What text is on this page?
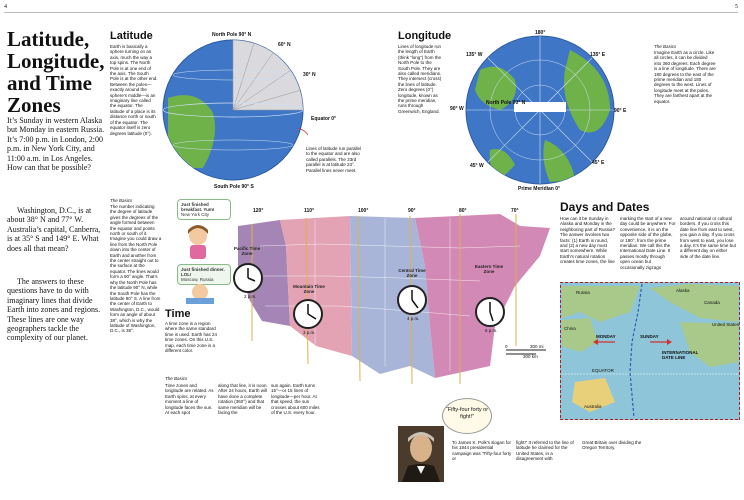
4	5
Latitude, Longitude, and Time Zones

It’s Sunday in western Alaska but Monday in eastern Russia. It’s 7:00 p.m. in London, 2:00 p.m. in New York City, and 11:00 a.m. in Los Angeles. How can that be possible?

Washington, D.C., is at about 38° N and 77° W. Australia’s capital, Canberra, is at 35° S and 149° E. What does all that mean?

The answers to these questions have to do with imaginary lines that divide Earth into zones and regions. These lines are one way geographers tackle the complexity of our planet.

Latitude

Earth is basically a sphere turning on an axis, much the way a top spins. The North Pole is at one end of the axis. The South Pole is at the other end. Between the poles—exactly around the sphere’s middle—is an imaginary line called the equator. The latitude of a place is its distance north or south of the equator. The equator itself is zero degrees latitude (0°).

North Pole 90° N
60° N
30° N
Equator 0°
South Pole 90° S

Lines of latitude run parallel to the equator and are also called parallels. The 23rd parallel is at latitude 23°. Parallel lines never meet.

The Basics

The number indicating the degree of latitude gives the degrees of the angle formed between the equator and points north or south of it. Imagine you could draw a line from the North Pole down into the center of Earth and another from the center straight out to the surface at the equator. The lines would form a 90° angle. That’s why the North Pole has the latitude 90° N, while the South Pole has the latitude 90° S. A line from the center of Earth to Washington, D.C., would form an angle of about 38°, which is why the latitude of Washington, D.C., is 38°.

Just finished breakfast. Yum!
New York City
Just finished dinner. LOL!
Moscow, Russia
Time

A time zone is a region where the same standard time is used. Earth has 24 time zones. On this U.S. map, each time zone is a different color.

The Basics

Time zones and longitude are related. As Earth spins, at every moment a line of longitude faces the sun. At each spot

along that line, it is noon. After 24 hours, Earth will have done a complete rotation (360°) and that same meridian will be facing the

sun again. Earth turns 15°—or 15 lines of longitude—per hour. At that speed, the sun crosses about 600 miles of the U.S. every hour.

120°	110°	100°	90°	80°	70°
Pacific Time Zone
Mountain Time Zone
Central Time Zone
Eastern Time Zone
2 p.m.
3 p.m.
4 p.m.
5 p.m.
0	300 mi
300 km
“Fifty-four forty or fight!”

To James K. Polk’s slogan for his 1844 presidential campaign was “Fifty-four forty or

fight!” It referred to the line of latitude he claimed for the United States, in a disagreement with

Great Britain over dividing the Oregon Territory.

Longitude

Lines of longitude run the length of Earth (think “long”) from the North Pole to the South Pole. They are also called meridians. They intersect (cross) the lines of latitude. Zero degrees (0°) longitude, known as the prime meridian, runs through Greenwich, England.

North Pole 90° N
180°
135° E
135° W
90° E
90° W
45° E
45° W
Prime Meridian 0°
The Basics

Imagine Earth as a circle. Like all circles, it can be divided into 360 degrees. Each degree is a line of longitude. There are 180 degrees to the east of the prime meridian and 180 degrees to the west. Lines of longitude meet at the poles. They are farthest apart at the equator.

Days and Dates

How can it be Sunday in Alaska and Monday in the neighboring part of Russia? The answer involves two facts: (1) Earth is round, and (2) a new day must start somewhere. While Earth’s natural rotation creates time zones, the line

marking the start of a new day could be anywhere. For convenience, it is on the opposite side of the globe, or 180°, from the prime meridian. We call this the International Date Line. It passes mostly through open ocean but occasionally zigzags

around national or cultural borders. If you cross this date line from east to west, you gain a day. If you cross from west to east, you lose a day. It’s the same time but a different day on either side of the date line.

Russia	Alaska
Canada
China
United States
Australia
EQUATOR
MONDAY	SUNDAY
INTERNATIONAL DATE LINE
